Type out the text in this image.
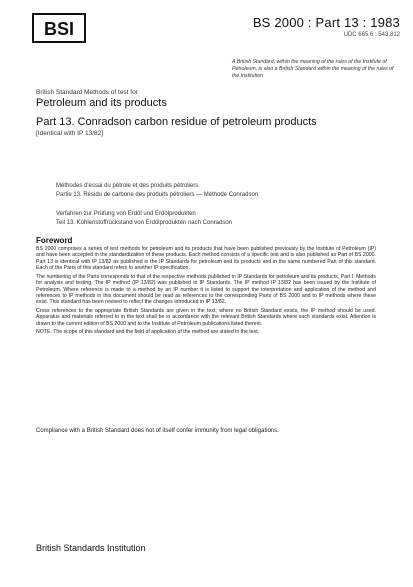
BSI	BS 2000 : Part 13 : 1983
UDC 665.6 : 543.812
A British Standard, within the meaning of the rules of the Institute of Petroleum, is also a British Standard within the meaning of the rules of the Institution
British Standard Methods of test for
Petroleum and its products
Part 13. Conradson carbon residue of petroleum products
[Identical with IP 13/82]
Méthodes d'essai du pétrole et des produits pétroliers
Partie 13. Résidu de carbone des produits pétroliers — Méthode Conradson
Verfahren zur Prüfung von Erdöl und Erdölprodukten
Teil 13. Kohlenstoffrückstand von Erdölprodukten nach Conradson
Foreword

BS 2000 comprises a series of test methods for petroleum and its products that have been published previously by the Institute of Petroleum (IP) and have been accepted in the standardization of these products. Each method consists of a specific test and is also published as Part of BS 2000. Part 13 is identical with IP 13/82 as published in the IP Standards for petroleum and its products and in the same numbered Part of this standard. Each of the Parts of this standard refers to another IP specification.

The numbering of the Parts corresponds to that of the respective methods published in IP Standards for petroleum and its products, Part I. Methods for analysis and testing. The IP method (IP 13/82) was published in IP Standards. The IP method IP 13/82 has been issued by the Institute of Petroleum. Where reference is made to a method by an IP number it is listed to support the interpretation and application of the method and references to IP methods in this document should be read as references to the corresponding Parts of BS 2000 and to IP methods where these exist. This standard has been revised to reflect the changes introduced in IP 13/82.

Cross references to the appropriate British Standards are given in the text; where no British Standard exists, the IP method should be used. Apparatus and materials referred to in the text shall be in accordance with the relevant British Standards where such standards exist. Attention is drawn to the current edition of BS 2000 and to the Institute of Petroleum publications listed therein.

NOTE. The scope of this standard and the field of application of the method are stated in the text.

Compliance with a British Standard does not of itself confer immunity from legal obligations.
British Standards Institution
